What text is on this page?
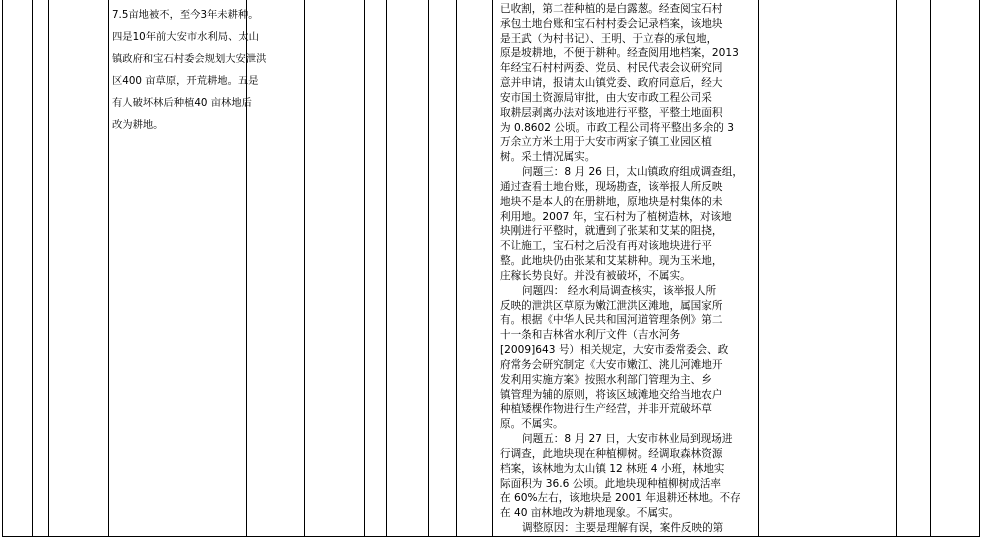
7.5亩地被不，至今3年未耕种。
四是10年前大安市水利局、太山
镇政府和宝石村委会规划大安泄洪
区400 亩草原，开荒耕地。五是
有人破坏林后种植40 亩林地后
改为耕地。
已收割，第二茬种植的是白露葱。经查阅宝石村
承包土地台账和宝石村村委会记录档案，该地块
是王武（为村书记）、王明、于立春的承包地，
原是坡耕地，不便于耕种。经查阅用地档案，2013
年经宝石村村两委、党员、村民代表会议研究同
意并申请，报请太山镇党委、政府同意后，经大
安市国土资源局审批，由大安市政工程公司采
取耕层剥离办法对该地进行平整，平整土地面积
为 0.8602 公顷。市政工程公司将平整出多余的 3
万余立方米土用于大安市两家子镇工业园区植
树。采土情况属实。
问题三：8 月 26 日，太山镇政府组成调查组，
通过查看土地台账，现场勘查，该举报人所反映
地块不是本人的在册耕地，原地块是村集体的未
利用地。2007 年，宝石村为了植树造林，对该地
块刚进行平整时，就遭到了张某和艾某的阻挠，
不让施工，宝石村之后没有再对该地块进行平
整。此地块仍由张某和艾某耕种。现为玉米地，
庄稼长势良好。并没有被破坏，不属实。
问题四： 经水利局调查核实，该举报人所
反映的泄洪区草原为嫩江泄洪区滩地，属国家所
有。根据《中华人民共和国河道管理条例》第二
十一条和吉林省水利厅文件（吉水河务
[2009]643 号）相关规定，大安市委常委会、政
府常务会研究制定《大安市嫩江、洮儿河滩地开
发利用实施方案》按照水利部门管理为主、乡
镇管理为辅的原则，将该区域滩地交给当地农户
种植矮棵作物进行生产经营，并非开荒破坏草
原。不属实。
问题五：8 月 27 日，大安市林业局到现场进
行调查，此地块现在种植柳树。经调取森林资源
档案，该林地为太山镇 12 林班 4 小班，林地实
际面积为 36.6 公顷。此地块现种植柳树成活率
在 60%左右，该地块是 2001 年退耕还林地。不存
在 40 亩林地改为耕地现象。不属实。
调整原因：主要是理解有误，案件反映的第
